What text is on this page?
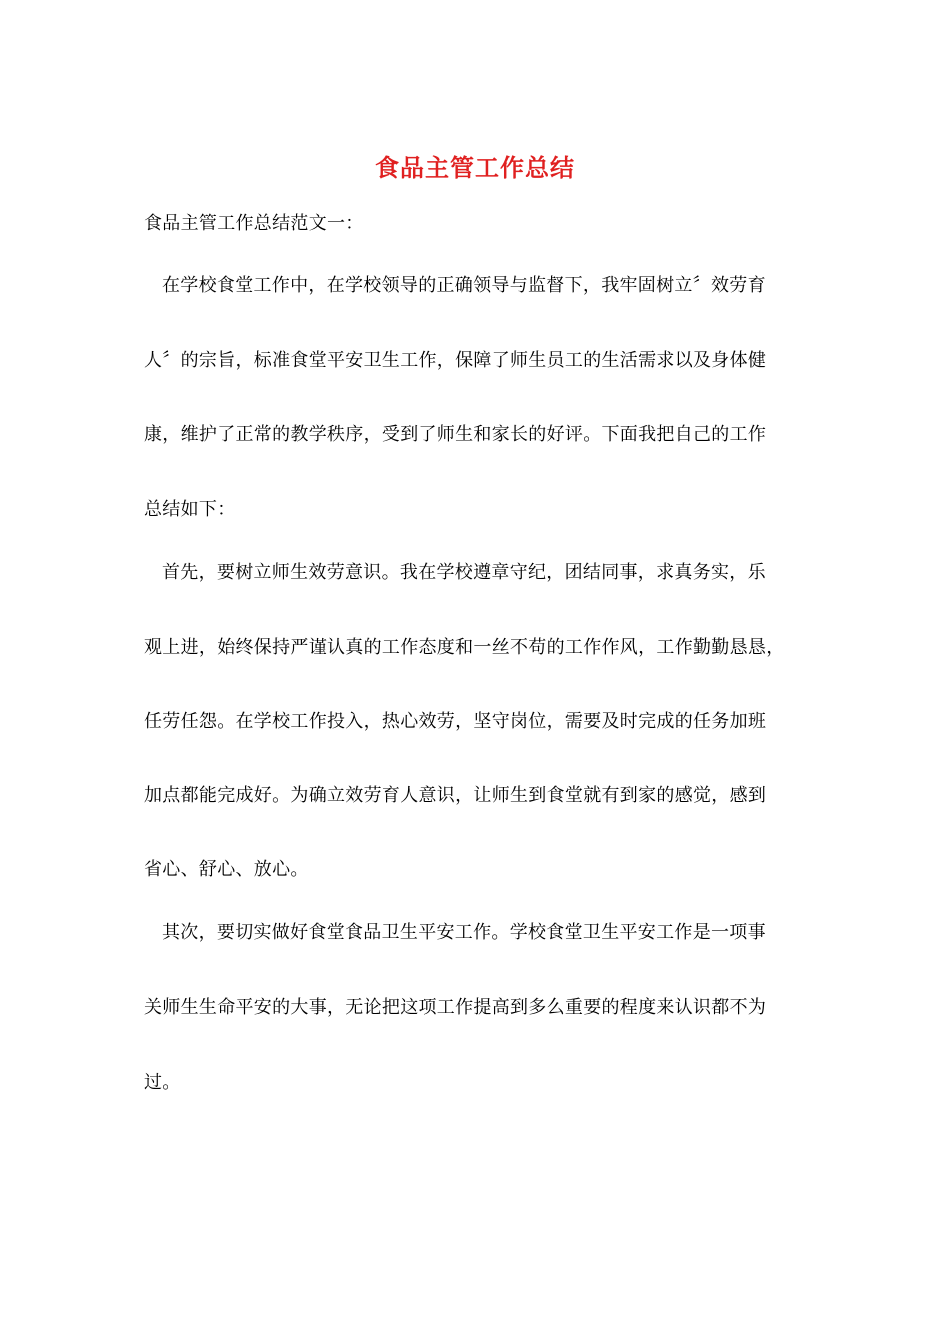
食品主管工作总结
食品主管工作总结范文一：
在学校食堂工作中，在学校领导的正确领导与监督下，我牢固树立〞效劳育
人〞的宗旨，标准食堂平安卫生工作，保障了师生员工的生活需求以及身体健
康，维护了正常的教学秩序，受到了师生和家长的好评。下面我把自己的工作
总结如下：
首先，要树立师生效劳意识。我在学校遵章守纪，团结同事，求真务实，乐
观上进，始终保持严谨认真的工作态度和一丝不苟的工作作风，工作勤勤恳恳，
任劳任怨。在学校工作投入，热心效劳，坚守岗位，需要及时完成的任务加班
加点都能完成好。为确立效劳育人意识，让师生到食堂就有到家的感觉，感到
省心、舒心、放心。
其次，要切实做好食堂食品卫生平安工作。学校食堂卫生平安工作是一项事
关师生生命平安的大事，无论把这项工作提高到多么重要的程度来认识都不为
过。
